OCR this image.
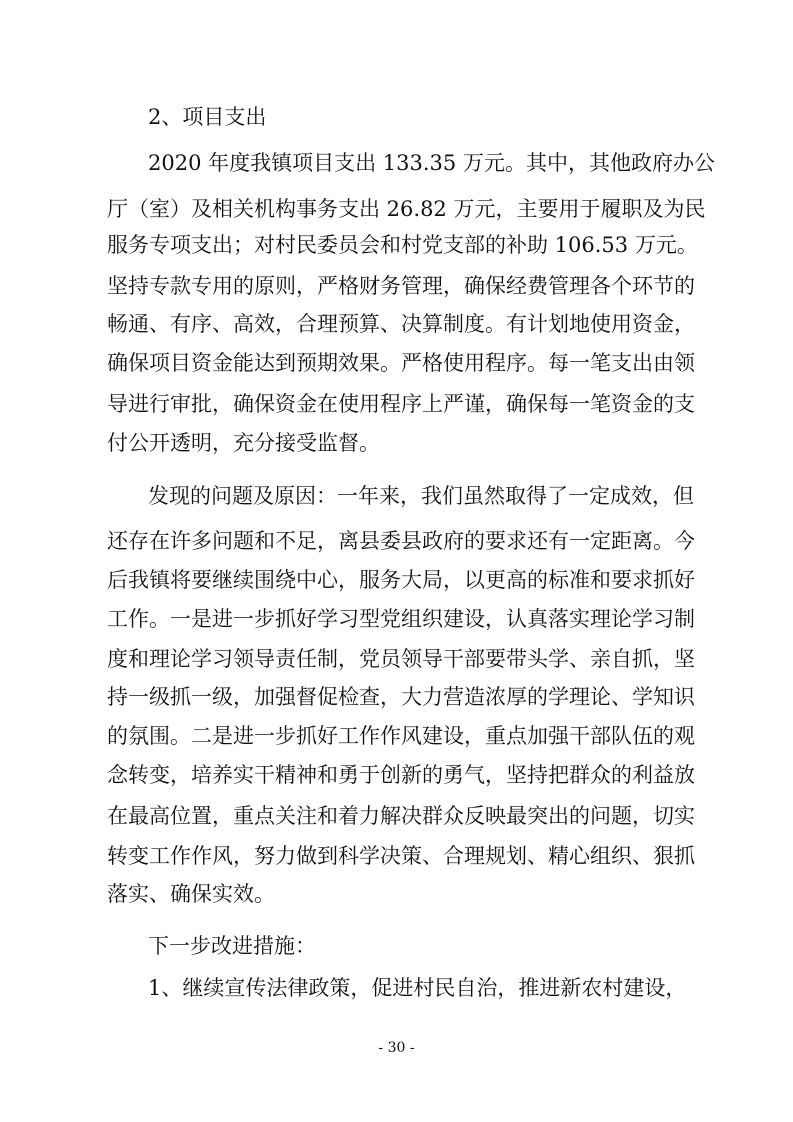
2、项目支出
2020 年度我镇项目支出 133.35 万元。其中，其他政府办公
厅（室）及相关机构事务支出 26.82 万元，主要用于履职及为民
服务专项支出；对村民委员会和村党支部的补助 106.53 万元。
坚持专款专用的原则，严格财务管理，确保经费管理各个环节的
畅通、有序、高效，合理预算、决算制度。有计划地使用资金，
确保项目资金能达到预期效果。严格使用程序。每一笔支出由领
导进行审批，确保资金在使用程序上严谨，确保每一笔资金的支
付公开透明，充分接受监督。
发现的问题及原因：一年来，我们虽然取得了一定成效，但
还存在许多问题和不足，离县委县政府的要求还有一定距离。今
后我镇将要继续围绕中心，服务大局，以更高的标准和要求抓好
工作。一是进一步抓好学习型党组织建设，认真落实理论学习制
度和理论学习领导责任制，党员领导干部要带头学、亲自抓，坚
持一级抓一级，加强督促检查，大力营造浓厚的学理论、学知识
的氛围。二是进一步抓好工作作风建设，重点加强干部队伍的观
念转变，培养实干精神和勇于创新的勇气，坚持把群众的利益放
在最高位置，重点关注和着力解决群众反映最突出的问题，切实
转变工作作风，努力做到科学决策、合理规划、精心组织、狠抓
落实、确保实效。
下一步改进措施：
1、继续宣传法律政策，促进村民自治，推进新农村建设，
- 30 -
